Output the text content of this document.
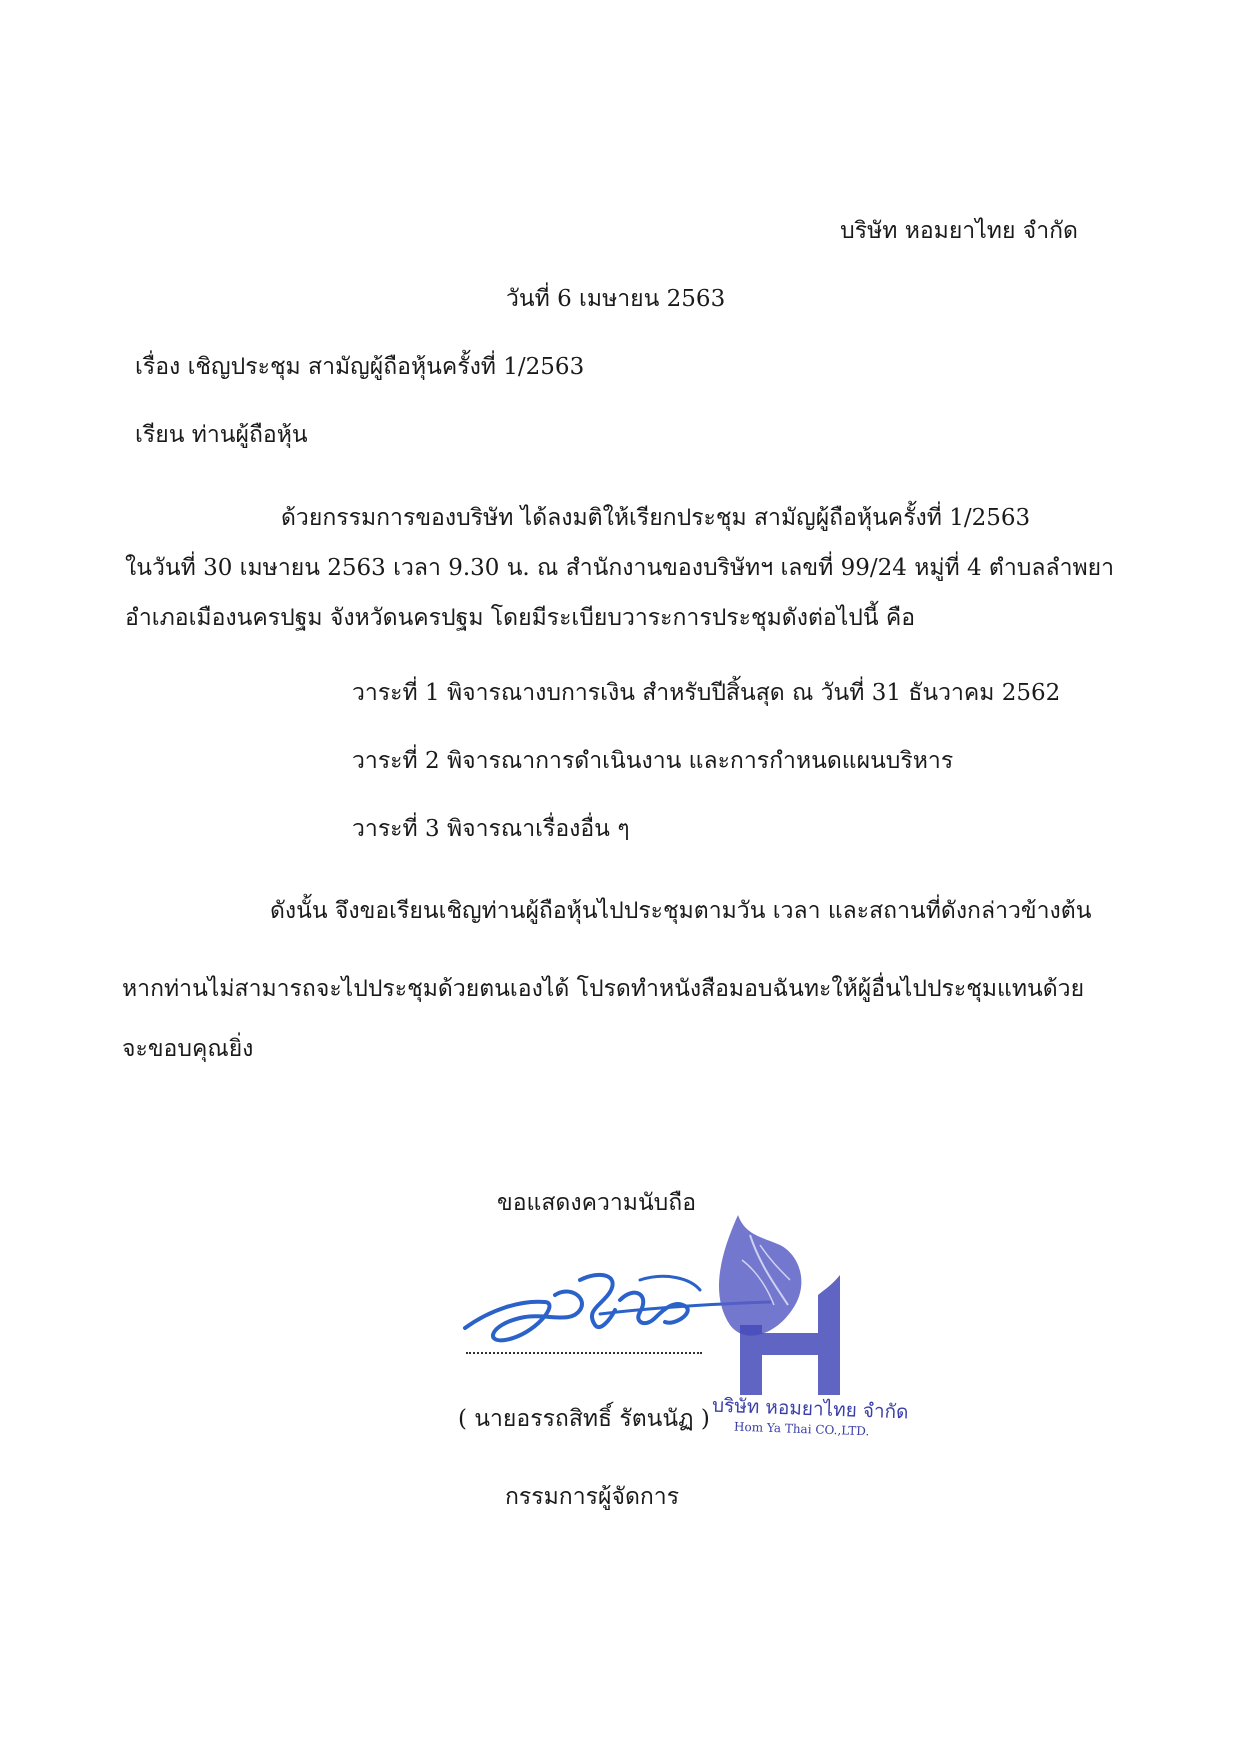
บริษัท หอมยาไทย จำกัด
วันที่ 6 เมษายน 2563
เรื่อง เชิญประชุม สามัญผู้ถือหุ้นครั้งที่ 1/2563
เรียน ท่านผู้ถือหุ้น
ด้วยกรรมการของบริษัท ได้ลงมติให้เรียกประชุม สามัญผู้ถือหุ้นครั้งที่ 1/2563
ในวันที่ 30 เมษายน 2563 เวลา 9.30 น. ณ สำนักงานของบริษัทฯ เลขที่ 99/24 หมู่ที่ 4 ตำบลลำพยา
อำเภอเมืองนครปฐม จังหวัดนครปฐม โดยมีระเบียบวาระการประชุมดังต่อไปนี้ คือ
วาระที่ 1 พิจารณางบการเงิน สำหรับปีสิ้นสุด ณ วันที่ 31 ธันวาคม 2562
วาระที่ 2 พิจารณาการดำเนินงาน และการกำหนดแผนบริหาร
วาระที่ 3 พิจารณาเรื่องอื่น ๆ
ดังนั้น จึงขอเรียนเชิญท่านผู้ถือหุ้นไปประชุมตามวัน เวลา และสถานที่ดังกล่าวข้างต้น
หากท่านไม่สามารถจะไปประชุมด้วยตนเองได้ โปรดทำหนังสือมอบฉันทะให้ผู้อื่นไปประชุมแทนด้วย
จะขอบคุณยิ่ง
ขอแสดงความนับถือ
บริษัท หอมยาไทย จำกัด
Hom Ya Thai CO.,LTD.
( นายอรรถสิทธิ์ รัตนนัฏ )
กรรมการผู้จัดการ
